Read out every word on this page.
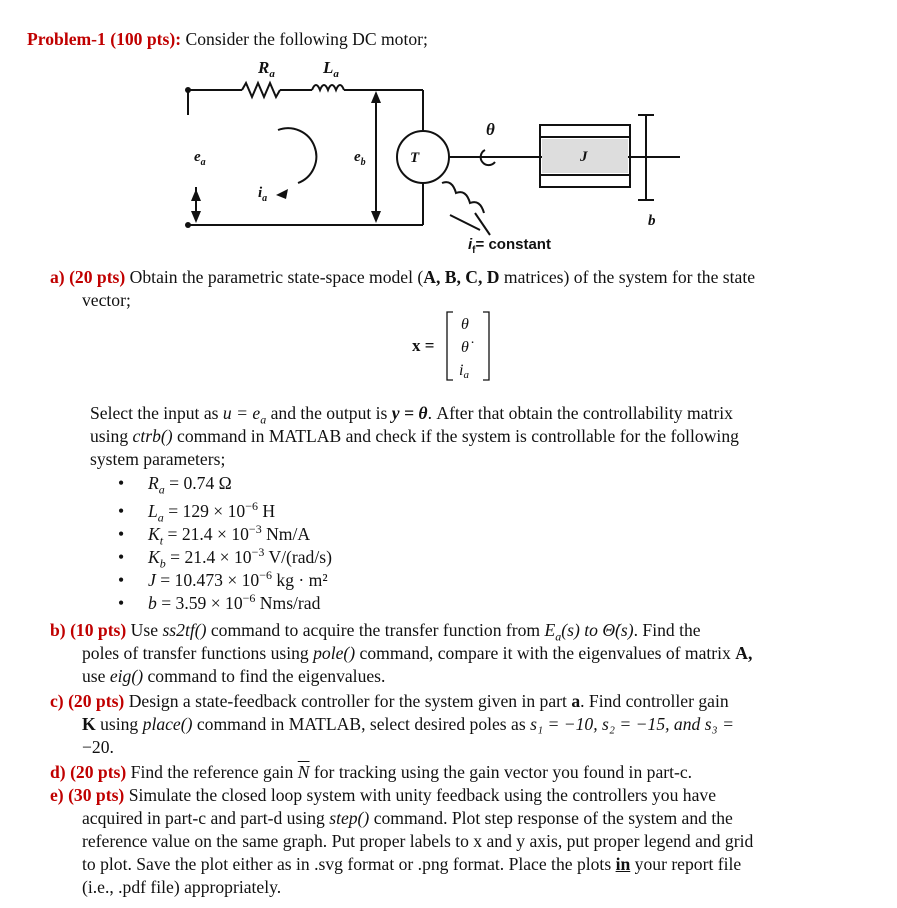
Problem-1 (100 pts): Consider the following DC motor;
$R_a$	$L_a$
$e_a$
$i_a$
$e_b$	T
θ
J
b
$i_f=$ constant
a) (20 pts) Obtain the parametric state-space model (A, B, C, D matrices) of the system for the state
vector;
x =
θ
θ̇
ia
Select the input as $u = e_a$ and the output is y = θ. After that obtain the controllability matrix
using ctrb() command in MATLAB and check if the system is controllable for the following
system parameters;
• $R_a = 0.74$ Ω
• $L_a = 129 \times 10^{-6}$ H
• $K_t = 21.4 \times 10^{-3}$ Nm/A
• $K_b = 21.4 \times 10^{-3}$ V/(rad/s)
• $J = 10.473 \times 10^{-6}$ kg · m²
• $b = 3.59 \times 10^{-6}$ Nms/rad
b) (10 pts) Use ss2tf() command to acquire the transfer function from $E_a(s)$ to Θ̇(s). Find the
poles of transfer functions using pole() command, compare it with the eigenvalues of matrix A,
use eig() command to find the eigenvalues.
c) (20 pts) Design a state-feedback controller for the system given in part a. Find controller gain
K using place() command in MATLAB, select desired poles as s₁ = −10, s₂ = −15, and s₃ =
−20.
d) (20 pts) Find the reference gain $\overline{N}$ for tracking using the gain vector you found in part-c.
e) (30 pts) Simulate the closed loop system with unity feedback using the controllers you have
acquired in part-c and part-d using step() command. Plot step response of the system and the
reference value on the same graph. Put proper labels to x and y axis, put proper legend and grid
to plot. Save the plot either as in .svg format or .png format. Place the plots in your report file
(i.e., .pdf file) appropriately.
